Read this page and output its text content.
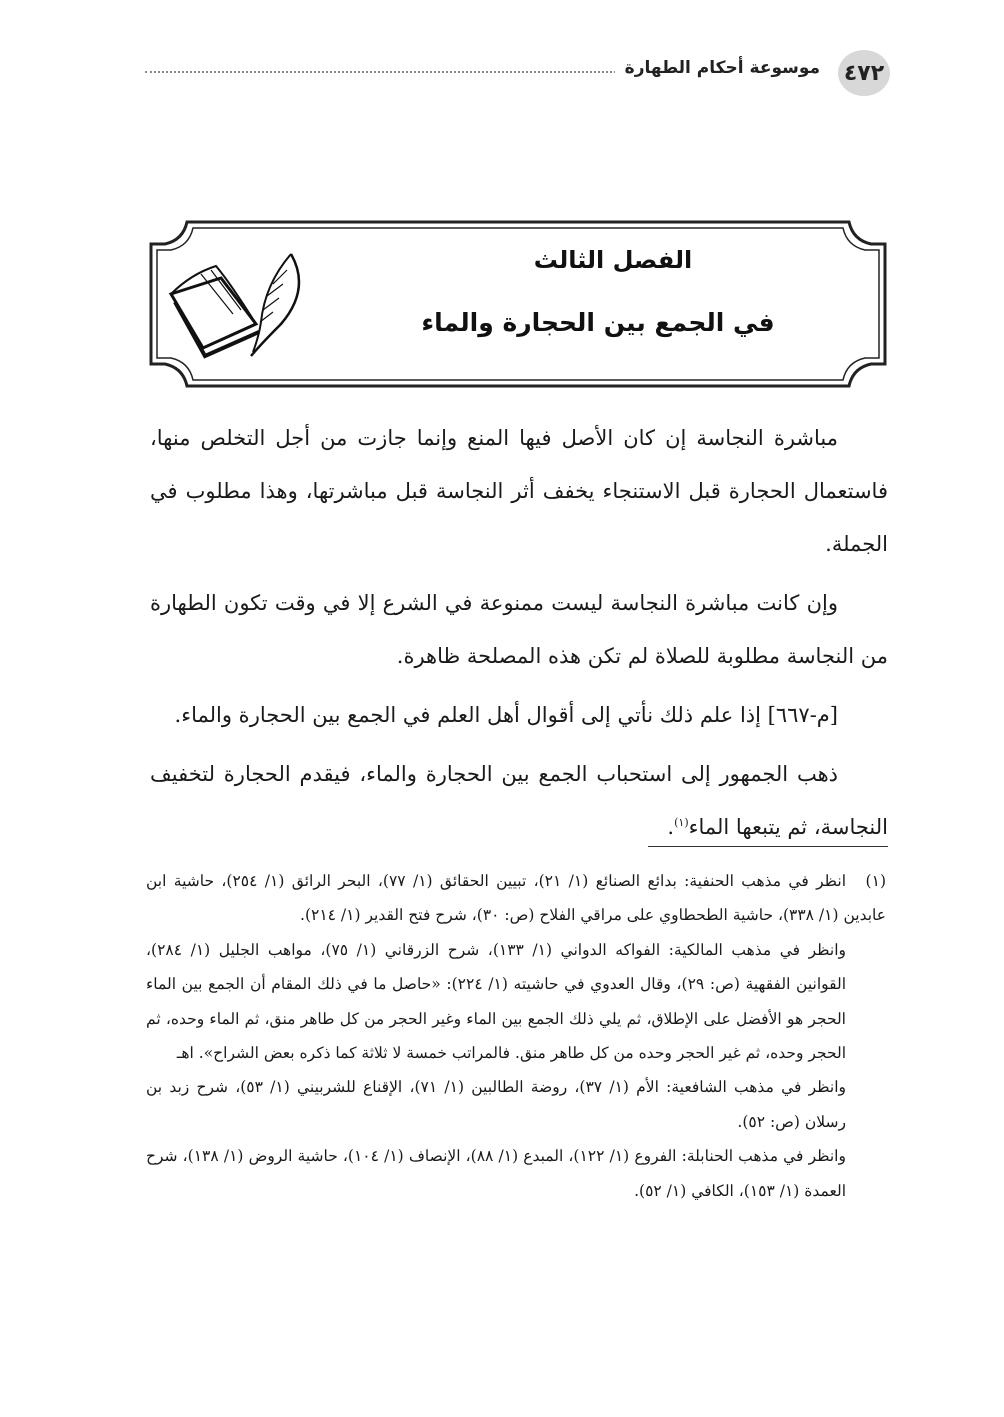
موسوعة أحكام الطهارة	٤٧٢
الفصل الثالث
في الجمع بين الحجارة والماء

مباشرة النجاسة إن كان الأصل فيها المنع وإنما جازت من أجل التخلص منها، فاستعمال الحجارة قبل الاستنجاء يخفف أثر النجاسة قبل مباشرتها، وهذا مطلوب في الجملة.

وإن كانت مباشرة النجاسة ليست ممنوعة في الشرع إلا في وقت تكون الطهارة من النجاسة مطلوبة للصلاة لم تكن هذه المصلحة ظاهرة.

[م-٦٦٧] إذا علم ذلك نأتي إلى أقوال أهل العلم في الجمع بين الحجارة والماء.

ذهب الجمهور إلى استحباب الجمع بين الحجارة والماء، فيقدم الحجارة لتخفيف النجاسة، ثم يتبعها الماء$^{(١)}$.

(١)انظر في مذهب الحنفية: بدائع الصنائع (١/ ٢١)، تبيين الحقائق (١/ ٧٧)، البحر الرائق (١/ ٢٥٤)، حاشية ابن عابدين (١/ ٣٣٨)، حاشية الطحطاوي على مراقي الفلاح (ص: ٣٠)، شرح فتح القدير (١/ ٢١٤).

وانظر في مذهب المالكية: الفواكه الدواني (١/ ١٣٣)، شرح الزرقاني (١/ ٧٥)، مواهب الجليل (١/ ٢٨٤)، القوانين الفقهية (ص: ٢٩)، وقال العدوي في حاشيته (١/ ٢٢٤): «حاصل ما في ذلك المقام أن الجمع بين الماء الحجر هو الأفضل على الإطلاق، ثم يلي ذلك الجمع بين الماء وغير الحجر من كل طاهر منق، ثم الماء وحده، ثم الحجر وحده، ثم غير الحجر وحده من كل طاهر منق. فالمراتب خمسة لا ثلاثة كما ذكره بعض الشراح». اهـ

وانظر في مذهب الشافعية: الأم (١/ ٣٧)، روضة الطالبين (١/ ٧١)، الإقناع للشربيني (١/ ٥٣)، شرح زبد بن رسلان (ص: ٥٢).

وانظر في مذهب الحنابلة: الفروع (١/ ١٢٢)، المبدع (١/ ٨٨)، الإنصاف (١/ ١٠٤)، حاشية الروض (١/ ١٣٨)، شرح العمدة (١/ ١٥٣)، الكافي (١/ ٥٢).
